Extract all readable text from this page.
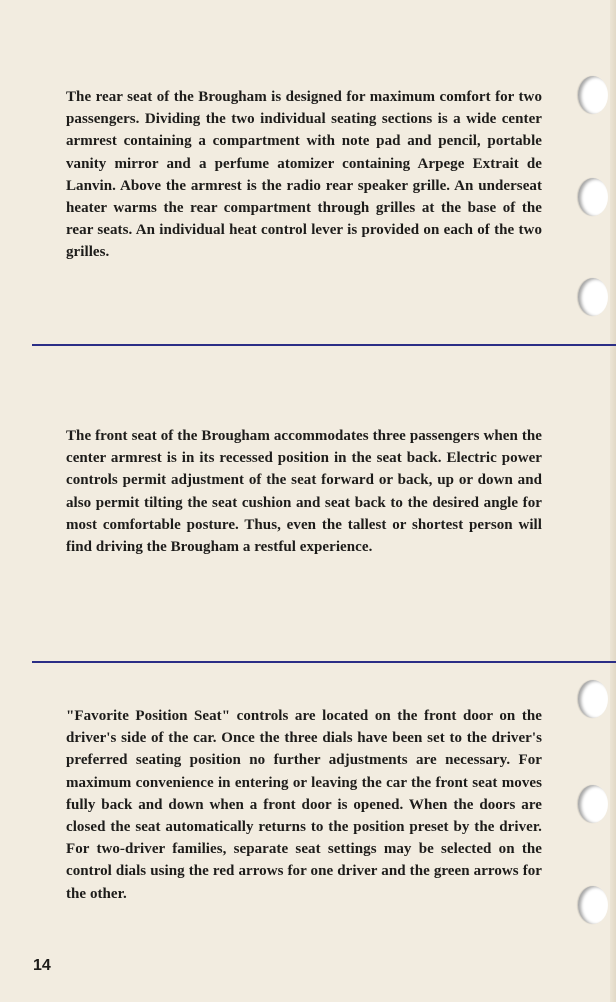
The rear seat of the Brougham is designed for maximum comfort for two passengers. Dividing the two individual seating sections is a wide center armrest containing a compartment with note pad and pencil, portable vanity mirror and a perfume atomizer containing Arpege Extrait de Lanvin. Above the armrest is the radio rear speaker grille. An underseat heater warms the rear compartment through grilles at the base of the rear seats. An individual heat control lever is provided on each of the two grilles.

The front seat of the Brougham accommodates three passengers when the center armrest is in its recessed position in the seat back. Electric power controls permit adjustment of the seat forward or back, up or down and also permit tilting the seat cushion and seat back to the desired angle for most comfortable posture. Thus, even the tallest or shortest person will find driving the Brougham a restful experience.

"Favorite Position Seat" controls are located on the front door on the driver's side of the car. Once the three dials have been set to the driver's preferred seating position no further adjustments are necessary. For maximum convenience in entering or leaving the car the front seat moves fully back and down when a front door is opened. When the doors are closed the seat automatically returns to the position preset by the driver. For two-driver families, separate seat settings may be selected on the control dials using the red arrows for one driver and the green arrows for the other.

14
